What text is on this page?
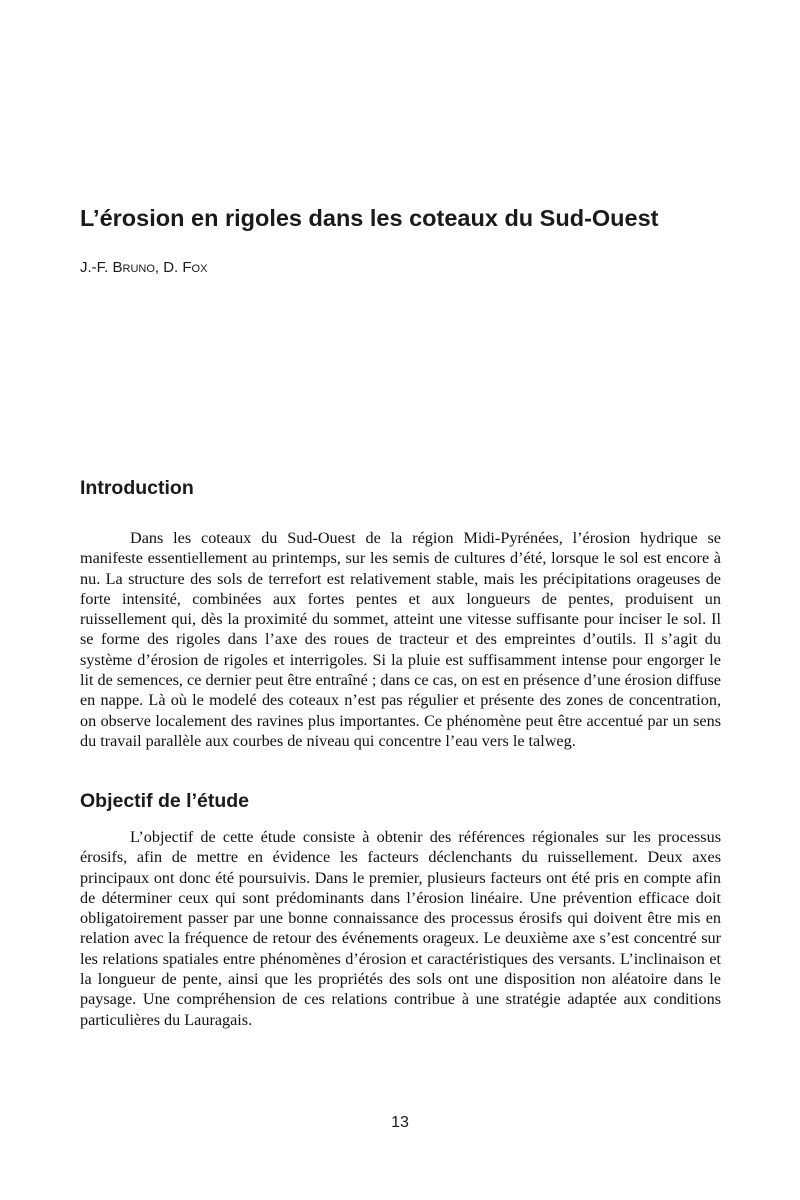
L’érosion en rigoles dans les coteaux du Sud-Ouest

J.-F. Bruno, D. Fox

Introduction

Dans les coteaux du Sud-Ouest de la région Midi-Pyrénées, l’érosion hydrique se manifeste essentiellement au printemps, sur les semis de cultures d’été, lorsque le sol est encore à nu. La structure des sols de terrefort est relativement stable, mais les précipitations orageuses de forte intensité, combinées aux fortes pentes et aux longueurs de pentes, produisent un ruissellement qui, dès la proximité du sommet, atteint une vitesse suffisante pour inciser le sol. Il se forme des rigoles dans l’axe des roues de tracteur et des empreintes d’outils. Il s’agit du système d’érosion de rigoles et interrigoles. Si la pluie est suffisamment intense pour engorger le lit de semences, ce dernier peut être entraîné ; dans ce cas, on est en présence d’une érosion diffuse en nappe. Là où le modelé des coteaux n’est pas régulier et présente des zones de concentration, on observe localement des ravines plus importantes. Ce phénomène peut être accentué par un sens du travail parallèle aux courbes de niveau qui concentre l’eau vers le talweg.

Objectif de l’étude

L’objectif de cette étude consiste à obtenir des références régionales sur les processus érosifs, afin de mettre en évidence les facteurs déclenchants du ruissellement. Deux axes principaux ont donc été poursuivis. Dans le premier, plusieurs facteurs ont été pris en compte afin de déterminer ceux qui sont prédominants dans l’érosion linéaire. Une prévention efficace doit obligatoirement passer par une bonne connaissance des processus érosifs qui doivent être mis en relation avec la fréquence de retour des événements orageux. Le deuxième axe s’est concentré sur les relations spatiales entre phénomènes d’érosion et caractéristiques des versants. L’inclinaison et la longueur de pente, ainsi que les propriétés des sols ont une disposition non aléatoire dans le paysage. Une compréhension de ces relations contribue à une stratégie adaptée aux conditions particulières du Lauragais.

13
